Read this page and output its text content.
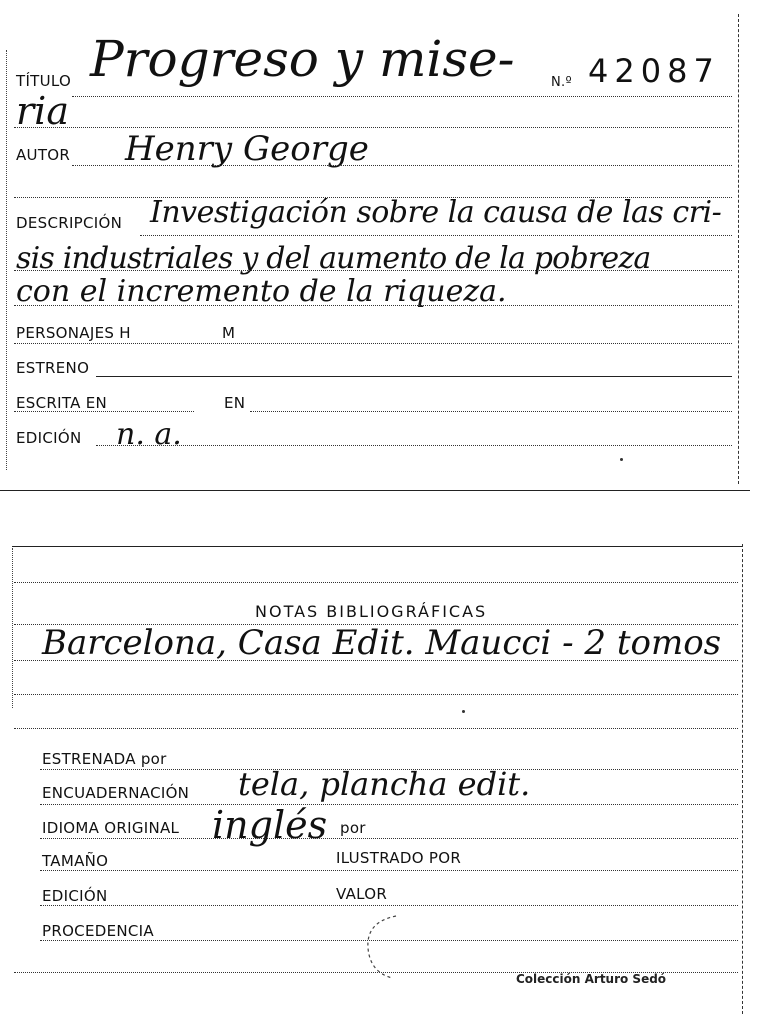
TÍTULO Progreso y mise-	N.º 42087
ria
AUTOR Henry George
DESCRIPCIÓN Investigación sobre la causa de las cri-
sis industriales y del aumento de la pobreza
con el incremento de la riqueza.
PERSONAJES H	M
ESTRENO
ESCRITA EN	EN
EDICIÓN n. a.
NOTAS BIBLIOGRÁFICAS
Barcelona, Casa Edit. Maucci - 2 tomos
ESTRENADA por
ENCUADERNACIÓN tela, plancha edit.
IDIOMA ORIGINAL inglés por
TAMAÑO	ILUSTRADO POR
EDICIÓN	VALOR
PROCEDENCIA
Colección Arturo Sedó
